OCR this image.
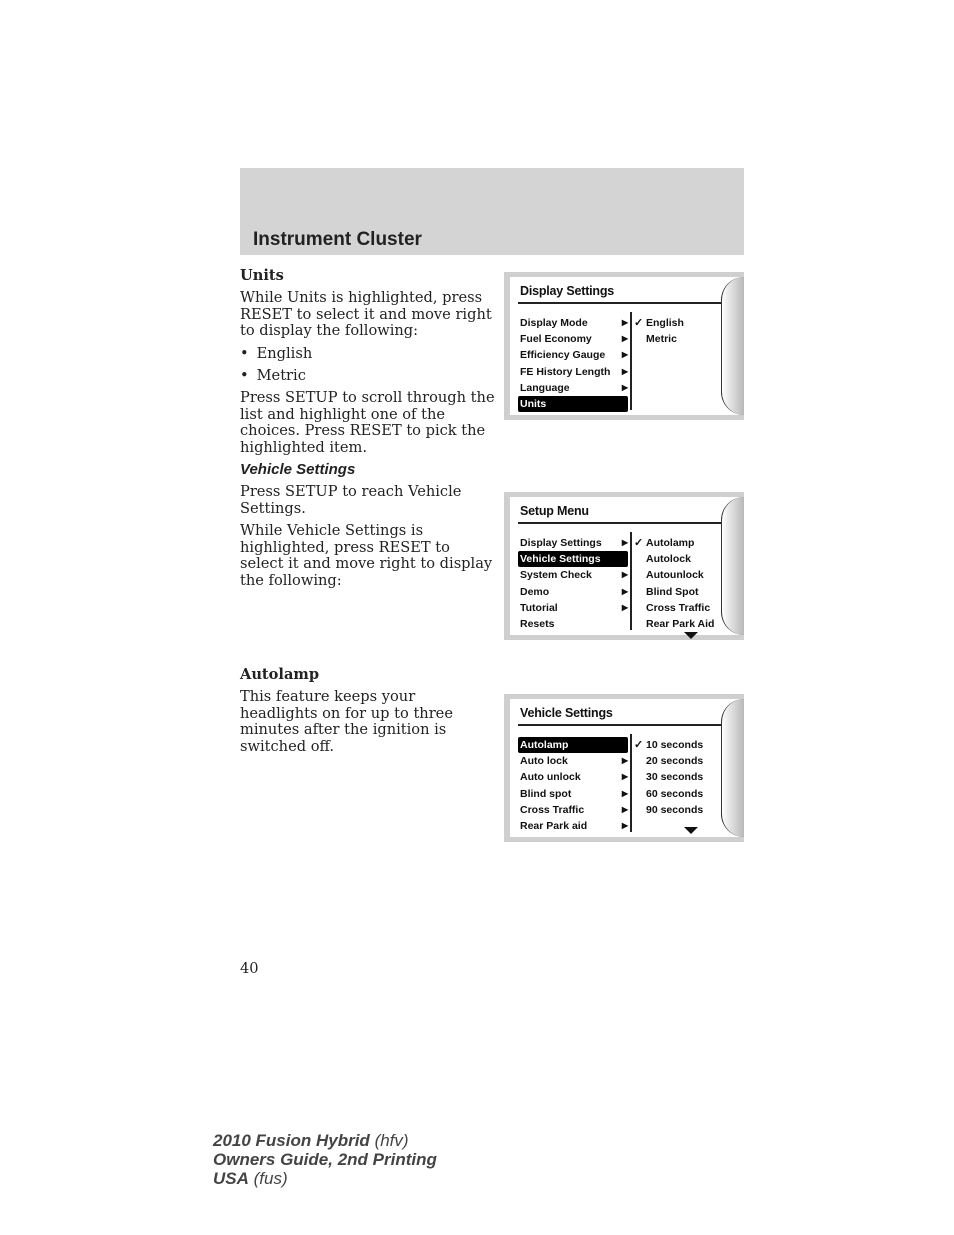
Instrument Cluster

Units

While Units is highlighted, press RESET to select it and move right to display the following:

• English
• Metric

Press SETUP to scroll through the list and highlight one of the choices. Press RESET to pick the highlighted item.

Vehicle Settings

Press SETUP to reach Vehicle Settings.

While Vehicle Settings is highlighted, press RESET to select it and move right to display the following:

Autolamp

This feature keeps your headlights on for up to three minutes after the ignition is switched off.

Display Settings
Display Mode	▶
Fuel Economy	▶
Efficiency Gauge ▶
FE History Length ▶
Language	▶
Units
✓ English
Metric
Setup Menu
Display Settings	▶
Vehicle Settings
System Check	▶
Demo	▶
Tutorial	▶
Resets
✓ Autolamp
Autolock
Autounlock
Blind Spot
Cross Traffic
Rear Park Aid
Vehicle Settings
Autolamp
Auto lock	▶
Auto unlock	▶
Blind spot	▶
Cross Traffic	▶
Rear Park aid	▶
✓ 10 seconds
20 seconds
30 seconds
60 seconds
90 seconds
40
2010 Fusion Hybrid (hfv)
Owners Guide, 2nd Printing
USA (fus)
